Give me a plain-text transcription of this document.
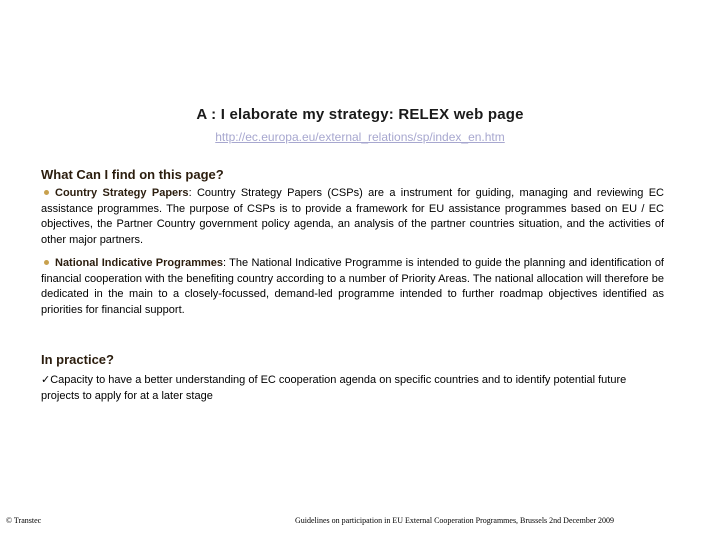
A : I elaborate my strategy: RELEX web page
http://ec.europa.eu/external_relations/sp/index_en.htm
What Can I find on this page?
Country Strategy Papers: Country Strategy Papers (CSPs) are a instrument for guiding, managing and reviewing EC assistance programmes. The purpose of CSPs is to provide a framework for EU assistance programmes based on EU / EC objectives, the Partner Country government policy agenda, an analysis of the partner countries situation, and the activities of other major partners.
National Indicative Programmes: The National Indicative Programme is intended to guide the planning and identification of financial cooperation with the benefiting country according to a number of Priority Areas. The national allocation will therefore be dedicated in the main to a closely-focussed, demand-led programme intended to further roadmap objectives identified as priorities for financial support.
In practice?
✓Capacity to have a better understanding of EC cooperation agenda on specific countries and to identify potential future projects to apply for at a later stage
© Transtec	Guidelines on participation in EU External Cooperation Programmes, Brussels 2nd December 2009
